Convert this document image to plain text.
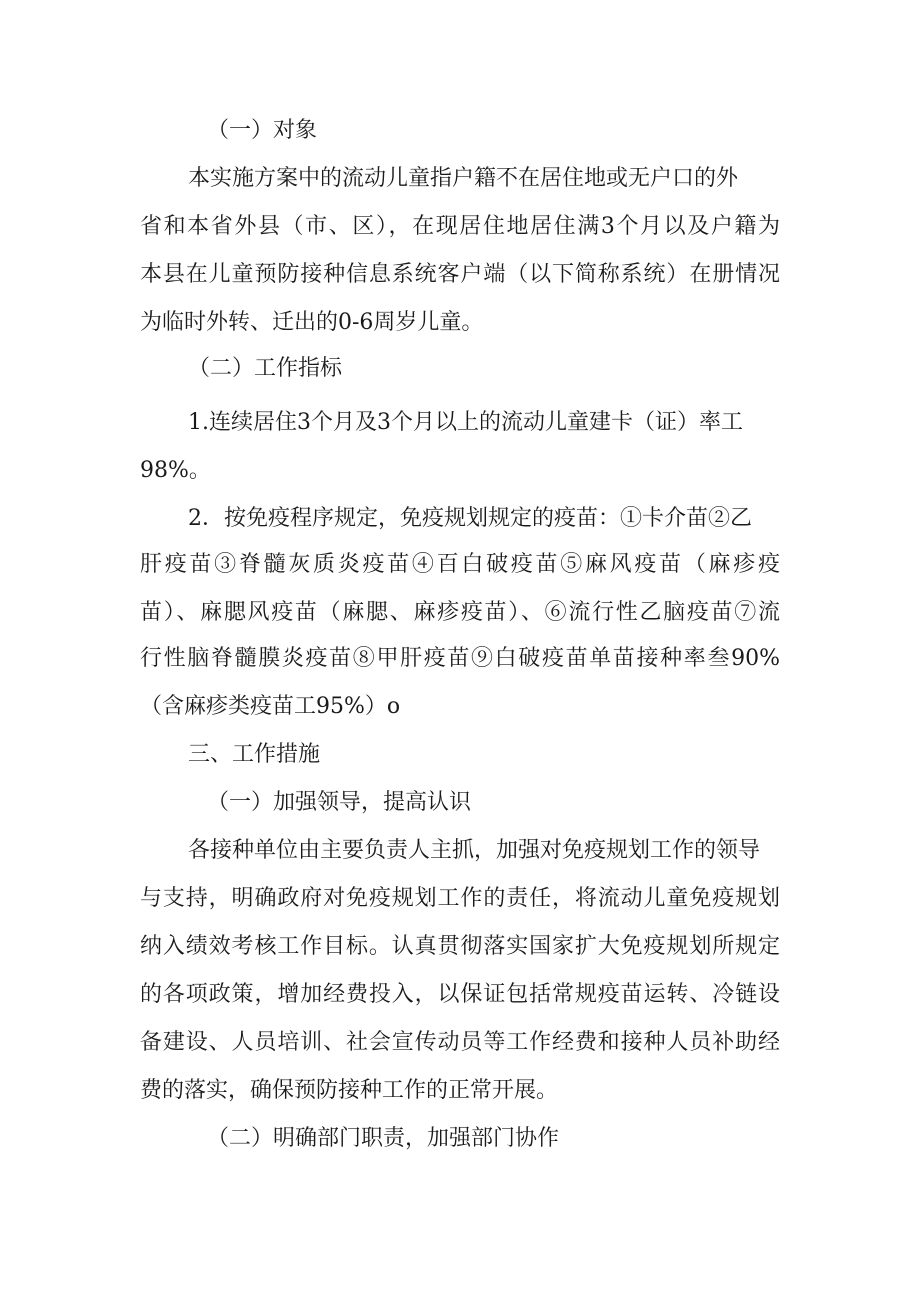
（一）对象
本实施方案中的流动儿童指户籍不在居住地或无户口的外
省和本省外县（市、区），在现居住地居住满3个月以及户籍为
本县在儿童预防接种信息系统客户端（以下简称系统）在册情况
为临时外转、迁出的0-6周岁儿童。
（二）工作指标
1.连续居住3个月及3个月以上的流动儿童建卡（证）率工
98%。
2．按免疫程序规定，免疫规划规定的疫苗：①卡介苗②乙
肝疫苗③脊髓灰质炎疫苗④百白破疫苗⑤麻风疫苗（麻疹疫
苗）、麻腮风疫苗（麻腮、麻疹疫苗）、⑥流行性乙脑疫苗⑦流
行性脑脊髓膜炎疫苗⑧甲肝疫苗⑨白破疫苗单苗接种率叁90%
（含麻疹类疫苗工95%）o
三、工作措施
（一）加强领导，提高认识
各接种单位由主要负责人主抓，加强对免疫规划工作的领导
与支持，明确政府对免疫规划工作的责任，将流动儿童免疫规划
纳入绩效考核工作目标。认真贯彻落实国家扩大免疫规划所规定
的各项政策，增加经费投入，以保证包括常规疫苗运转、冷链设
备建设、人员培训、社会宣传动员等工作经费和接种人员补助经
费的落实，确保预防接种工作的正常开展。
（二）明确部门职责，加强部门协作
